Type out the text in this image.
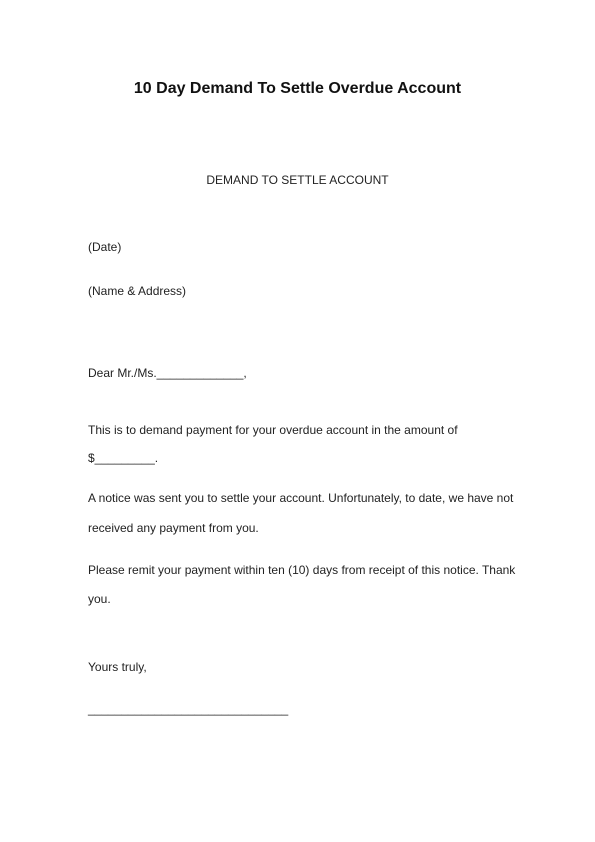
10 Day Demand To Settle Overdue Account

DEMAND TO SETTLE ACCOUNT

(Date)

(Name & Address)

Dear Mr./Ms._____________,

This is to demand payment for your overdue account in the amount of

$_________.

A notice was sent you to settle your account. Unfortunately, to date, we have not

received any payment from you.

Please remit your payment within ten (10) days from receipt of this notice. Thank

you.

Yours truly,

______________________________
